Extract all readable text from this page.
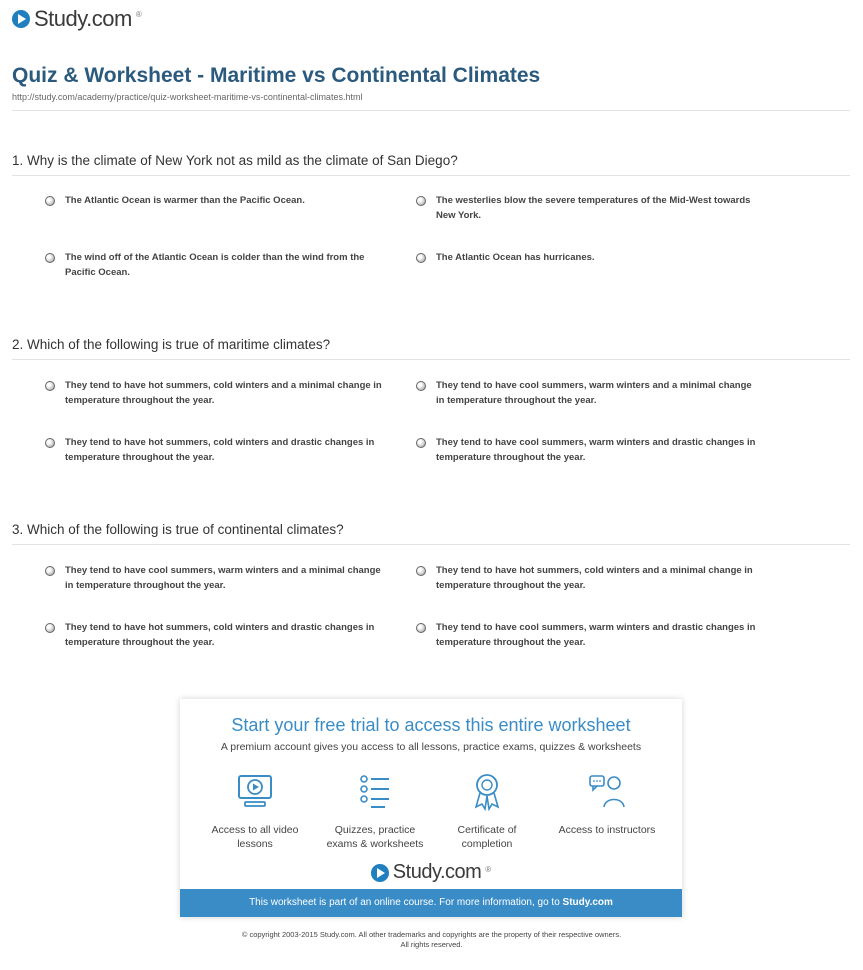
Study.com ®
Quiz & Worksheet - Maritime vs Continental Climates
http://study.com/academy/practice/quiz-worksheet-maritime-vs-continental-climates.html
1. Why is the climate of New York not as mild as the climate of San Diego?
The Atlantic Ocean is warmer than the Pacific Ocean.	The westerlies blow the severe temperatures of the Mid-West towards New York.
The wind off of the Atlantic Ocean is colder than the wind from the Pacific Ocean.
The Atlantic Ocean has hurricanes.
2. Which of the following is true of maritime climates?
They tend to have hot summers, cold winters and a minimal change in temperature throughout the year.
They tend to have cool summers, warm winters and a minimal change in temperature throughout the year.
They tend to have hot summers, cold winters and drastic changes in temperature throughout the year.
They tend to have cool summers, warm winters and drastic changes in temperature throughout the year.
3. Which of the following is true of continental climates?
They tend to have cool summers, warm winters and a minimal change in temperature throughout the year.
They tend to have hot summers, cold winters and a minimal change in temperature throughout the year.
They tend to have hot summers, cold winters and drastic changes in temperature throughout the year.
They tend to have cool summers, warm winters and drastic changes in temperature throughout the year.
Start your free trial to access this entire worksheet
A premium account gives you access to all lessons, practice exams, quizzes & worksheets
Access to all video lessons
Quizzes, practice exams & worksheets
Certificate of completion
Access to instructors
Study.com ®
This worksheet is part of an online course. For more information, go to Study.com
© copyright 2003-2015 Study.com. All other trademarks and copyrights are the property of their respective owners.
All rights reserved.
